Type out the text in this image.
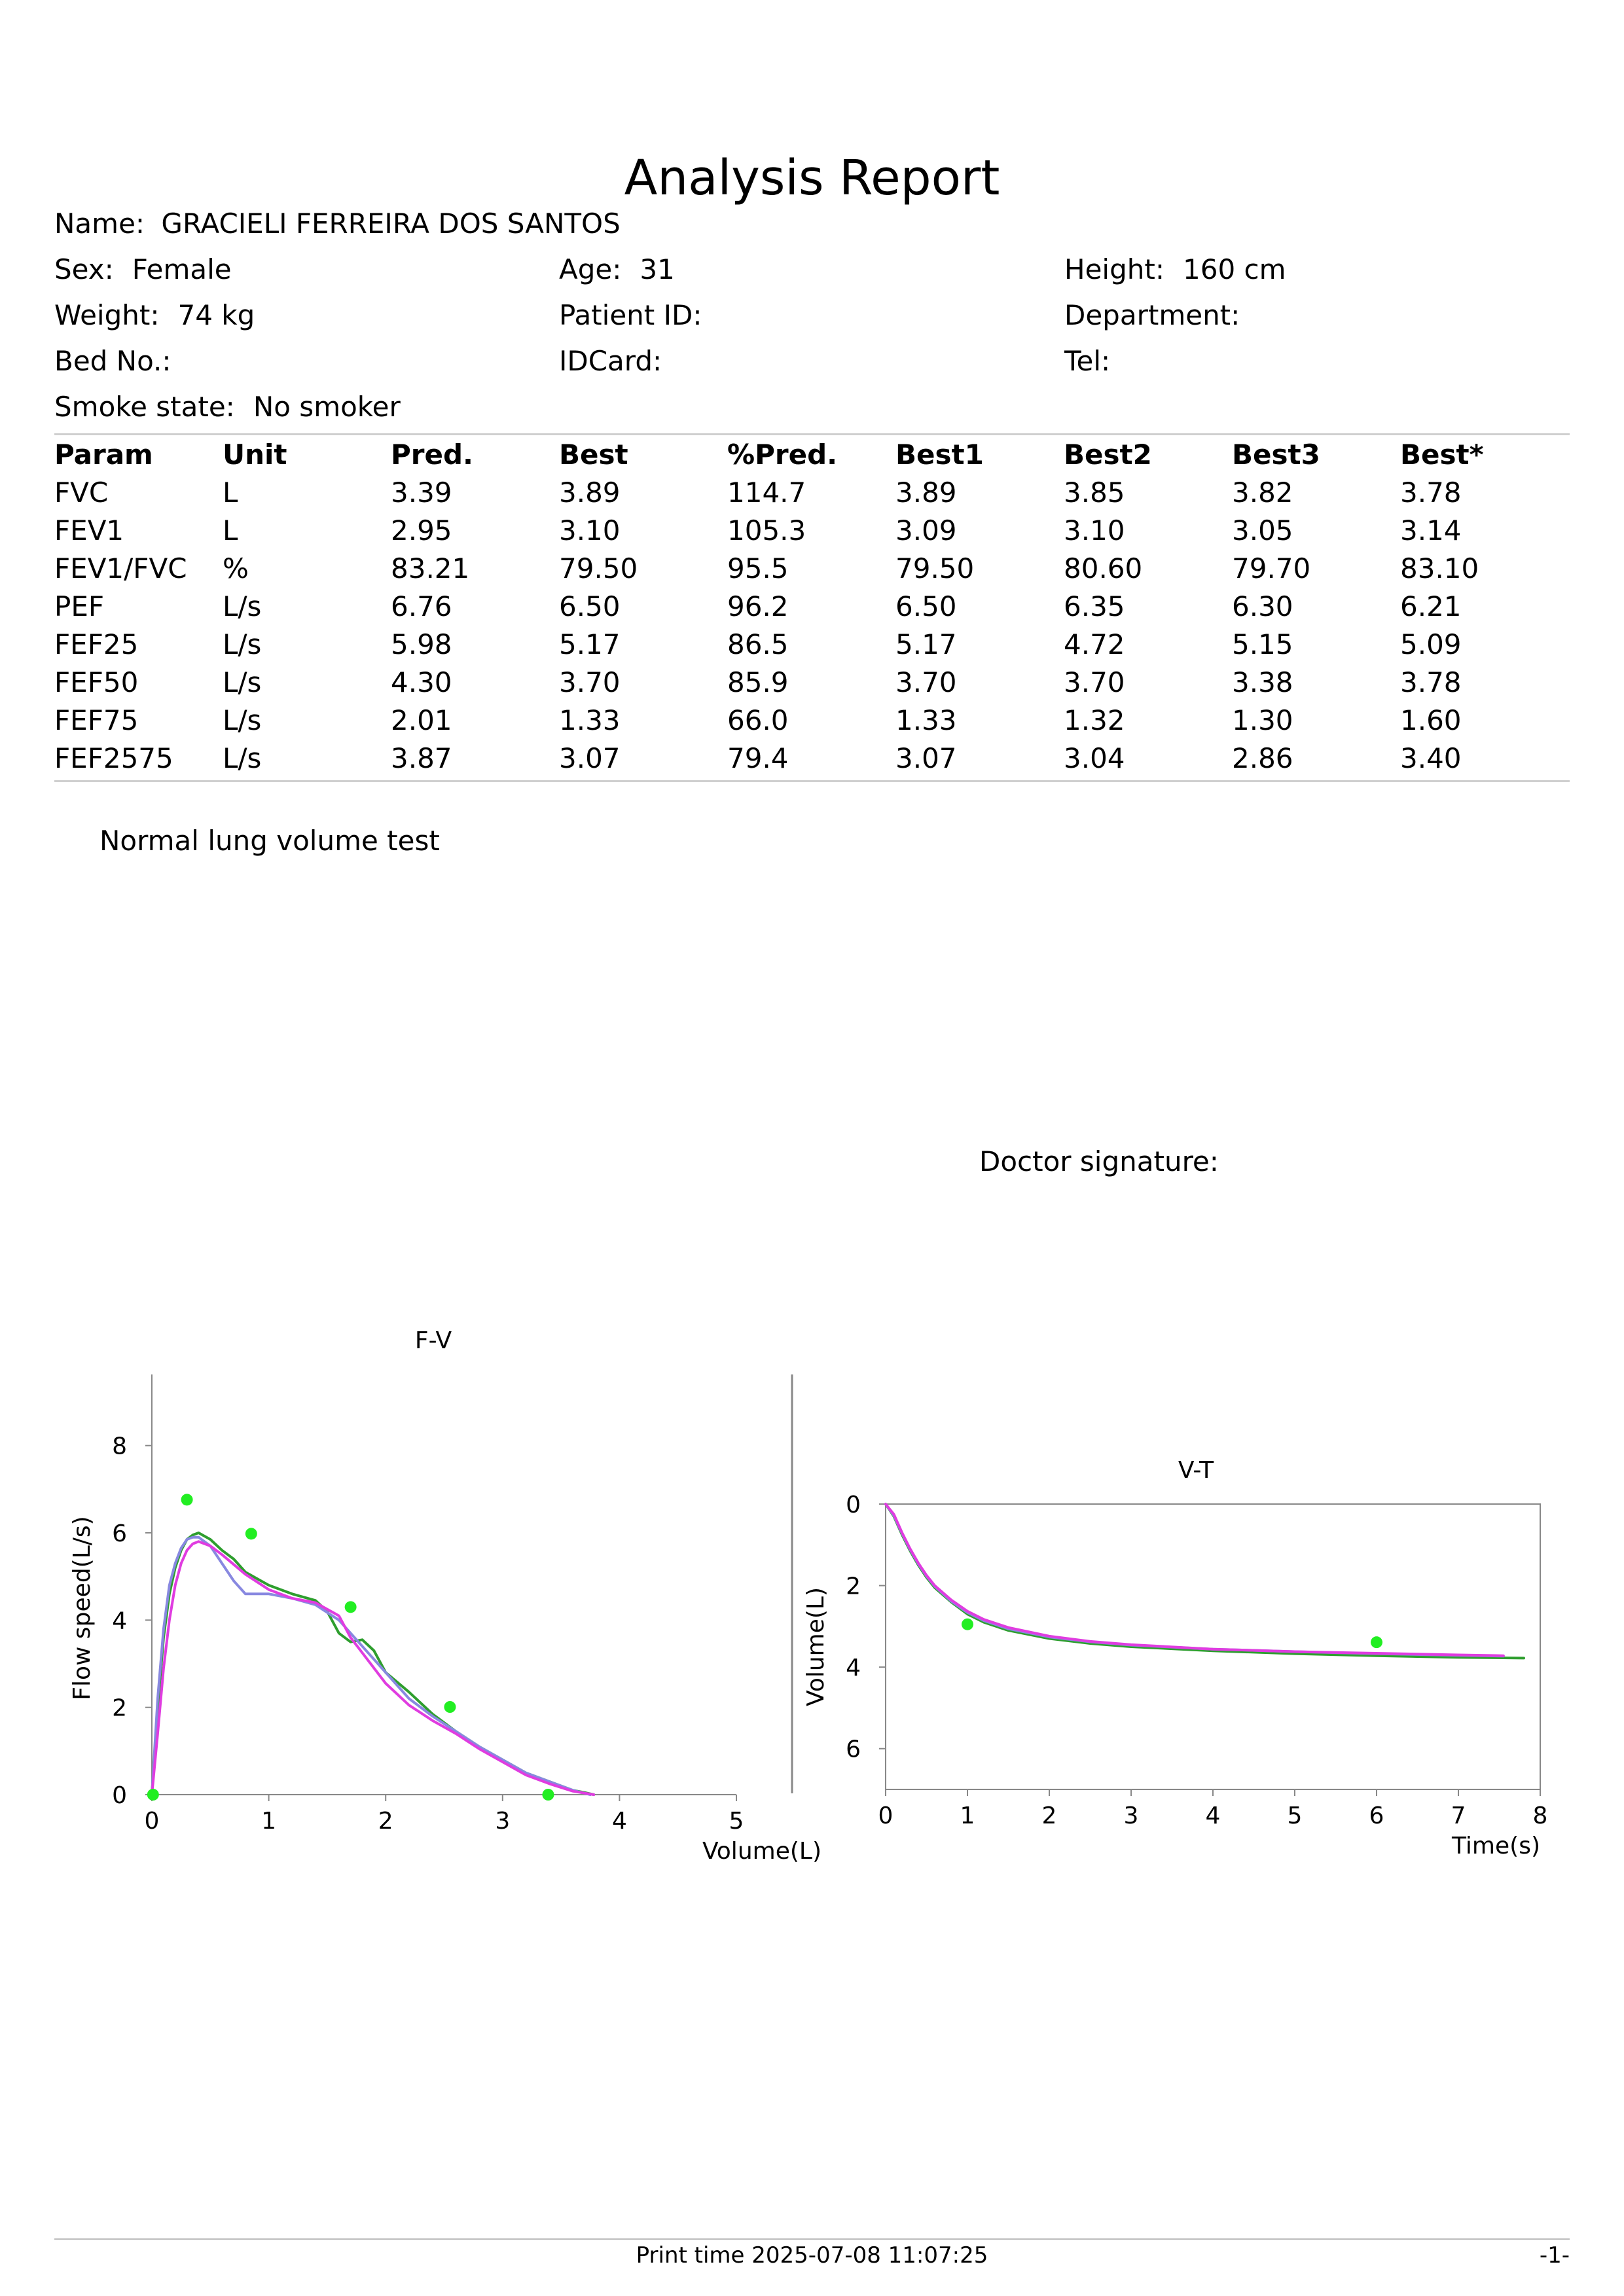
Analysis Report
Name: GRACIELI FERREIRA DOS SANTOS
Sex: Female	Age: 31	Height: 160 cm
Weight: 74 kg	Patient ID:	Department:
Bed No.:	IDCard:	Tel:
Smoke state: No smoker
Param	Unit	Pred.	Best	%Pred.	Best1	Best2	Best3	Best*
FVC	L	3.39	3.89	114.7	3.89	3.85	3.82	3.78
FEV1	L	2.95	3.10	105.3	3.09	3.10	3.05	3.14
FEV1/FVC	%	83.21	79.50	95.5	79.50	80.60	79.70	83.10
PEF	L/s	6.76	6.50	96.2	6.50	6.35	6.30	6.21
FEF25	L/s	5.98	5.17	86.5	5.17	4.72	5.15	5.09
FEF50	L/s	4.30	3.70	85.9	3.70	3.70	3.38	3.78
FEF75	L/s	2.01	1.33	66.0	1.33	1.32	1.30	1.60
FEF2575	L/s	3.87	3.07	79.4	3.07	3.04	2.86	3.40
Normal lung volume test
Doctor signature:
F-V
0	1	2	3	4	5
0
2
4
6
8
Volume(L)
Flow speed(L/s)
V-T
0	1	2	3	4	5	6	7	8
0
2
4
6
Time(s)
Volume(L)
Print time 2025-07-08 11:07:25	-1-
